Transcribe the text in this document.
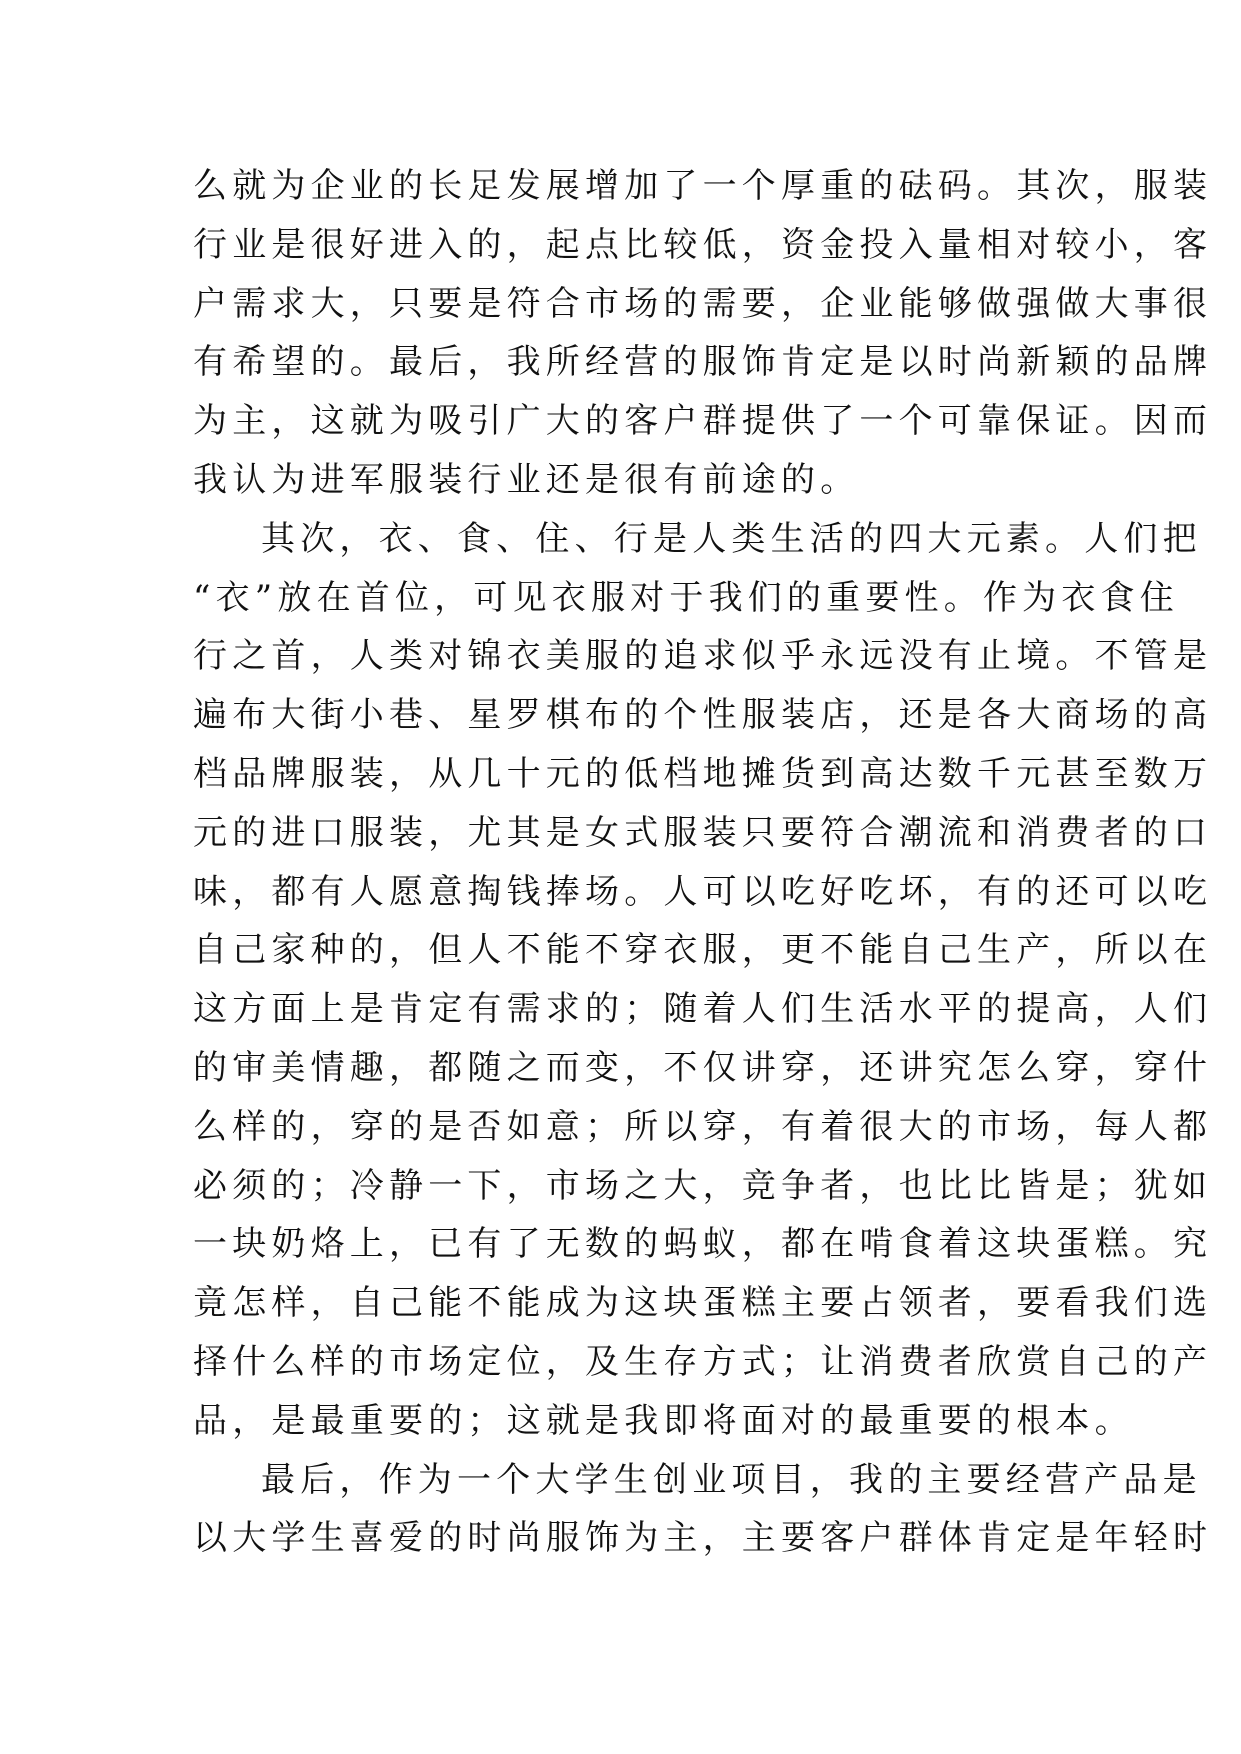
么就为企业的长足发展增加了一个厚重的砝码。其次，服装
行业是很好进入的，起点比较低，资金投入量相对较小，客
户需求大，只要是符合市场的需要，企业能够做强做大事很
有希望的。最后，我所经营的服饰肯定是以时尚新颖的品牌
为主，这就为吸引广大的客户群提供了一个可靠保证。因而
我认为进军服装行业还是很有前途的。
其次，衣、食、住、行是人类生活的四大元素。人们把
“衣”放在首位，可见衣服对于我们的重要性。作为衣食住
行之首，人类对锦衣美服的追求似乎永远没有止境。不管是
遍布大街小巷、星罗棋布的个性服装店，还是各大商场的高
档品牌服装，从几十元的低档地摊货到高达数千元甚至数万
元的进口服装，尤其是女式服装只要符合潮流和消费者的口
味，都有人愿意掏钱捧场。人可以吃好吃坏，有的还可以吃
自己家种的，但人不能不穿衣服，更不能自己生产，所以在
这方面上是肯定有需求的；随着人们生活水平的提高，人们
的审美情趣，都随之而变，不仅讲穿，还讲究怎么穿，穿什
么样的，穿的是否如意；所以穿，有着很大的市场，每人都
必须的；冷静一下，市场之大，竞争者，也比比皆是；犹如
一块奶烙上，已有了无数的蚂蚁，都在啃食着这块蛋糕。究
竟怎样，自己能不能成为这块蛋糕主要占领者，要看我们选
择什么样的市场定位，及生存方式；让消费者欣赏自己的产
品，是最重要的；这就是我即将面对的最重要的根本。
最后，作为一个大学生创业项目，我的主要经营产品是
以大学生喜爱的时尚服饰为主，主要客户群体肯定是年轻时
